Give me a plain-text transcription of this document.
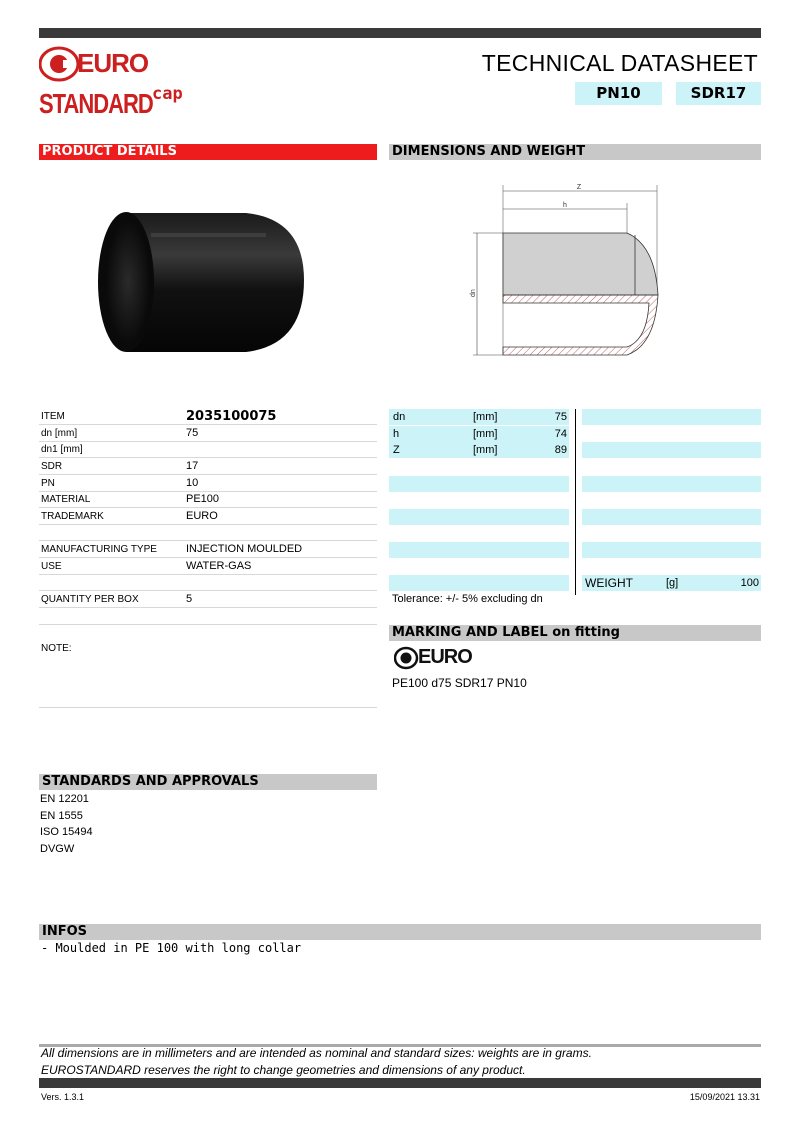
EURO
STANDARD cap
TECHNICAL DATASHEET
PN10	SDR17
PRODUCT DETAILS	DIMENSIONS AND WEIGHT
Z
h
dn
ITEM	2035100075
dn [mm]	75
dn1 [mm]
SDR	17
PN	10
MATERIAL	PE100
TRADEMARK	EURO
MANUFACTURING TYPE	INJECTION MOULDED
USE	WATER-GAS
QUANTITY PER BOX	5
NOTE:
dn	[mm]	75
h	[mm]	74
Z	[mm]	89
WEIGHT	[g]	100
Tolerance: +/- 5% excluding dn
MARKING AND LABEL on fitting
EURO
PE100 d75 SDR17 PN10
STANDARDS AND APPROVALS
EN 12201
EN 1555
ISO 15494
DVGW
INFOS
- Moulded in PE 100 with long collar
All dimensions are in millimeters and are intended as nominal and standard sizes: weights are in grams.
EUROSTANDARD reserves the right to change geometries and dimensions of any product.
Vers. 1.3.1	15/09/2021 13.31
